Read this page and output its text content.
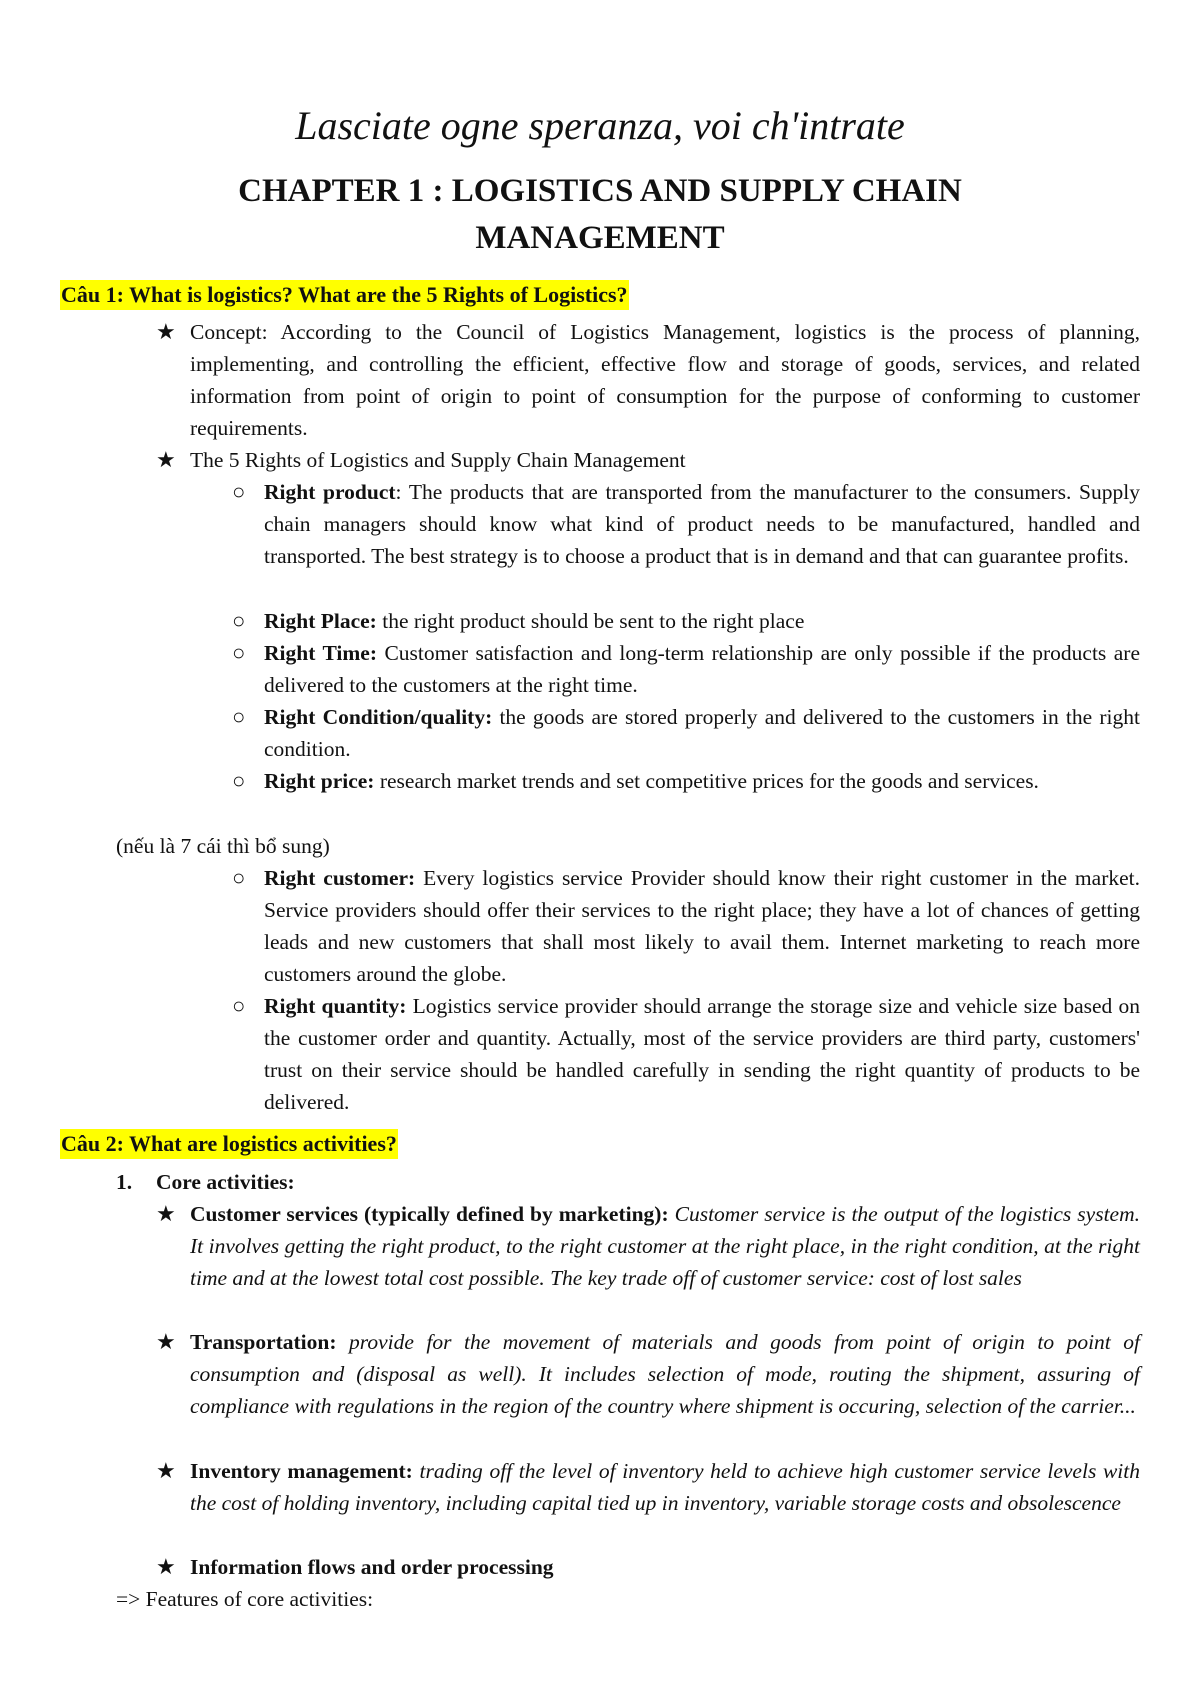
Lasciate ogne speranza, voi ch'intrate
CHAPTER 1 : LOGISTICS AND SUPPLY CHAIN MANAGEMENT
Câu 1: What is logistics? What are the 5 Rights of Logistics?
★ Concept: According to the Council of Logistics Management, logistics is the process of planning, implementing, and controlling the efficient, effective flow and storage of goods, services, and related information from point of origin to point of consumption for the purpose of conforming to customer requirements.
★ The 5 Rights of Logistics and Supply Chain Management
○ Right product: The products that are transported from the manufacturer to the consumers. Supply chain managers should know what kind of product needs to be manufactured, handled and transported. The best strategy is to choose a product that is in demand and that can guarantee profits.
○ Right Place: the right product should be sent to the right place
○ Right Time: Customer satisfaction and long-term relationship are only possible if the products are delivered to the customers at the right time.
○ Right Condition/quality: the goods are stored properly and delivered to the customers in the right condition.
○ Right price: research market trends and set competitive prices for the goods and services.
(nếu là 7 cái thì bổ sung)
○ Right customer: Every logistics service Provider should know their right customer in the market. Service providers should offer their services to the right place; they have a lot of chances of getting leads and new customers that shall most likely to avail them. Internet marketing to reach more customers around the globe.
○ Right quantity: Logistics service provider should arrange the storage size and vehicle size based on the customer order and quantity. Actually, most of the service providers are third party, customers' trust on their service should be handled carefully in sending the right quantity of products to be delivered.
Câu 2: What are logistics activities?
1.	Core activities:
★ Customer services (typically defined by marketing): Customer service is the output of the logistics system. It involves getting the right product, to the right customer at the right place, in the right condition, at the right time and at the lowest total cost possible. The key trade off of customer service: cost of lost sales
★ Transportation: provide for the movement of materials and goods from point of origin to point of consumption and (disposal as well). It includes selection of mode, routing the shipment, assuring of compliance with regulations in the region of the country where shipment is occuring, selection of the carrier...
★ Inventory management: trading off the level of inventory held to achieve high customer service levels with the cost of holding inventory, including capital tied up in inventory, variable storage costs and obsolescence
★ Information flows and order processing
=> Features of core activities:
